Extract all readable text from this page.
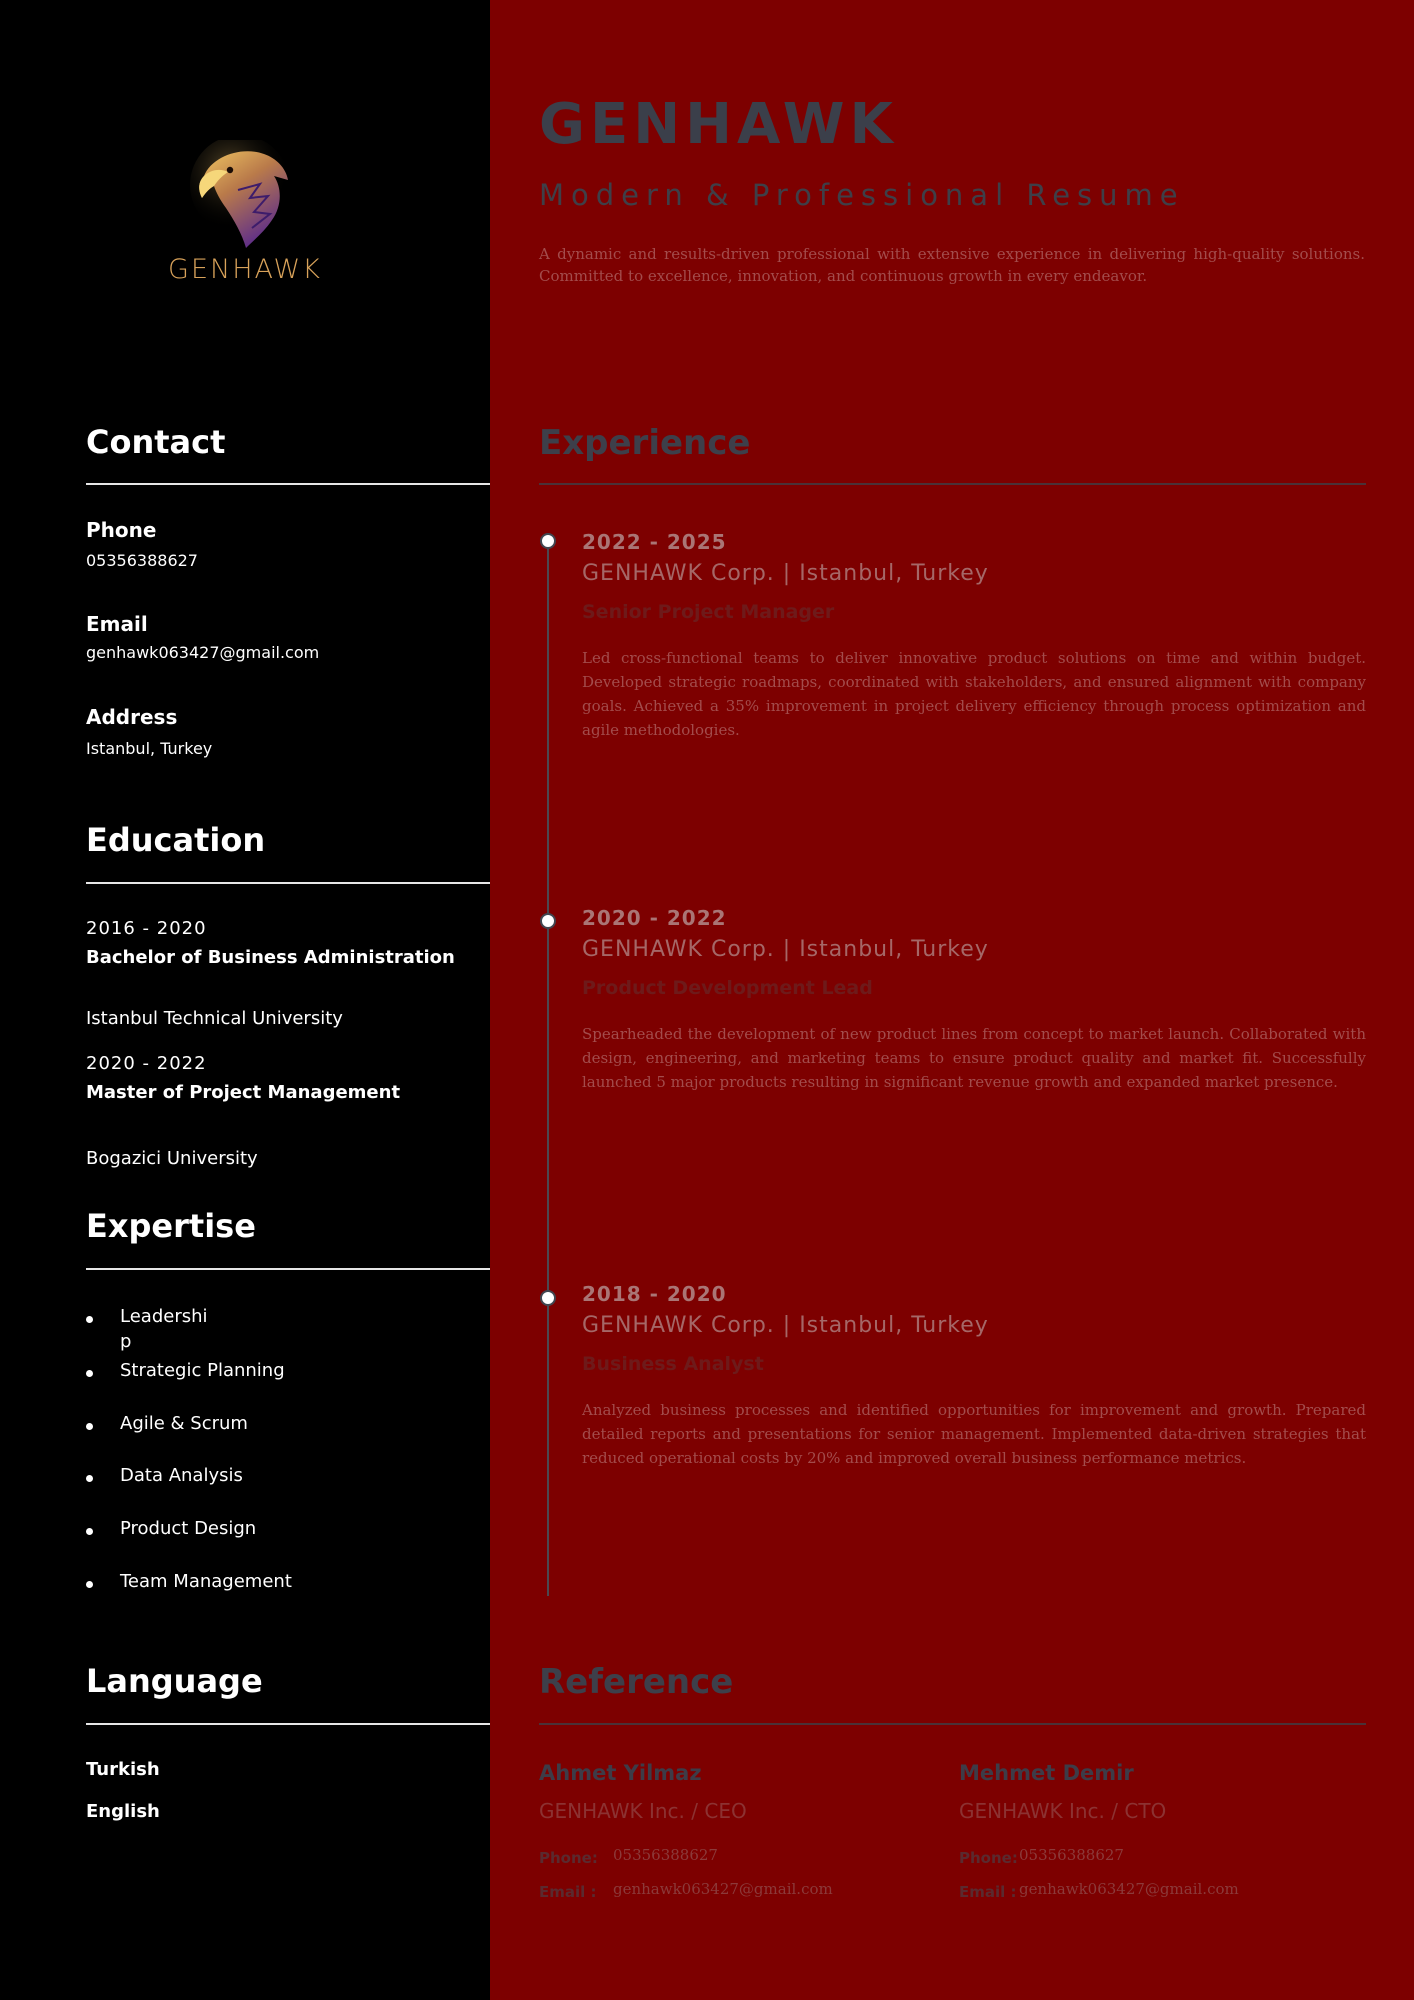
GENHAWK
Contact
Phone
05356388627
Email
genhawk063427@gmail.com
Address
Istanbul, Turkey
Education
2016 - 2020
Bachelor of Business Administration
Istanbul Technical University
2020 - 2022
Master of Project Management
Bogazici University
Expertise
Leadershi
p
Strategic Planning
Agile & Scrum
Data Analysis
Product Design
Team Management
Language
Turkish
English
GENHAWK
Modern & Professional Resume
A dynamic and results-driven professional with extensive experience in delivering high-quality solutions. Committed to excellence, innovation, and continuous growth in every endeavor.
Experience
2022 - 2025
GENHAWK Corp. | Istanbul, Turkey
Senior Project Manager
Led cross-functional teams to deliver innovative product solutions on time and within budget. Developed strategic roadmaps, coordinated with stakeholders, and ensured alignment with company goals. Achieved a 35% improvement in project delivery efficiency through process optimization and agile methodologies.
2020 - 2022
GENHAWK Corp. | Istanbul, Turkey
Product Development Lead
Spearheaded the development of new product lines from concept to market launch. Collaborated with design, engineering, and marketing teams to ensure product quality and market fit. Successfully launched 5 major products resulting in significant revenue growth and expanded market presence.
2018 - 2020
GENHAWK Corp. | Istanbul, Turkey
Business Analyst
Analyzed business processes and identified opportunities for improvement and growth. Prepared detailed reports and presentations for senior management. Implemented data-driven strategies that reduced operational costs by 20% and improved overall business performance metrics.
Reference
Ahmet Yilmaz
GENHAWK Inc. / CEO
Phone: 05356388627
Email : genhawk063427@gmail.com
Mehmet Demir
GENHAWK Inc. / CTO
Phone: 05356388627
Email : genhawk063427@gmail.com
